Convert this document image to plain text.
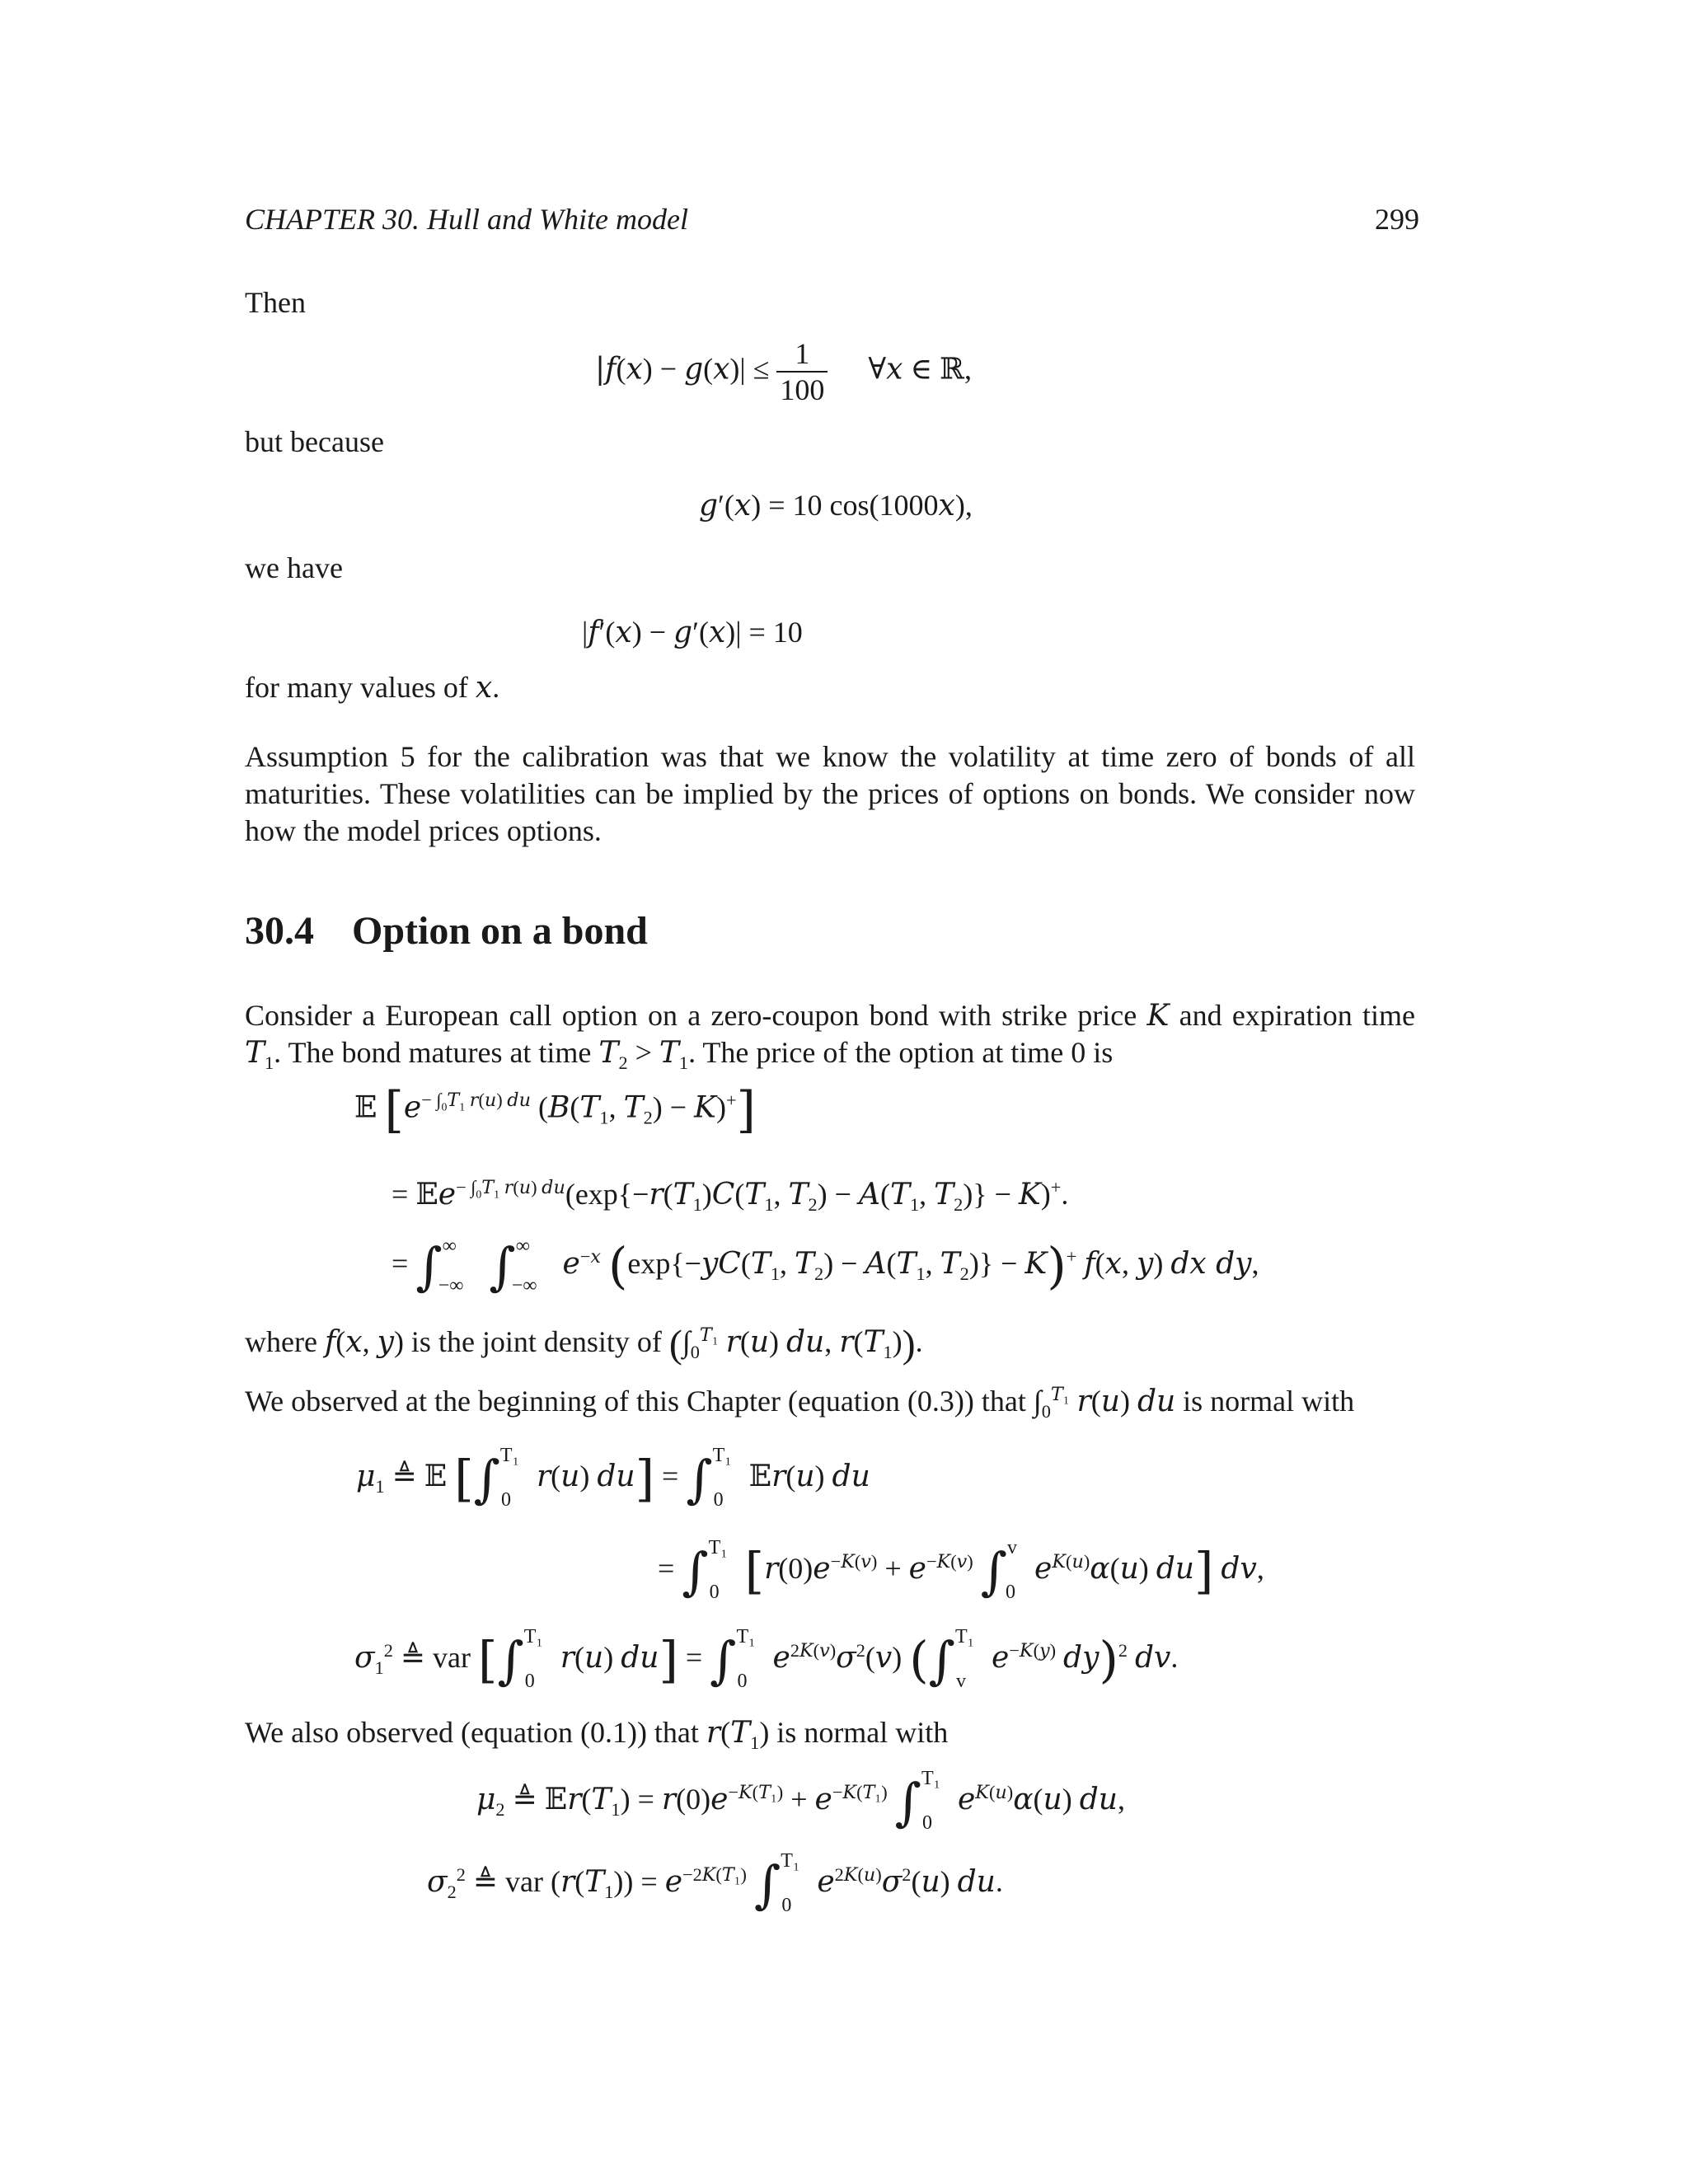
CHAPTER 30. Hull and White model	299
Then
$|f(x) - g(x)| \le \frac{1}{100}$ ∀x ∈ ℝ,
but because
g′(x) = 10 cos(1000x),
we have
|f′(x) − g′(x)| = 10
for many values of x.
Assumption 5 for the calibration was that we know the volatility at time zero of bonds of all maturities. These volatilities can be implied by the prices of options on bonds. We consider now how the model prices options.
30.4 Option on a bond
Consider a European call option on a zero-coupon bond with strike price K and expiration time $T_1$. The bond matures at time $T_2 > T_1$. The price of the option at time 0 is
𝔼 [$e^{- \int_0T_1 r(u) du}$ ($B(T_1$, $T_2) - K)^+$]
= $𝔼e^{- \int_0T_1 r(u) du}(\exp\{-r(T_1)C(T_1$, $T_2) - A(T_1$, $T_2)\} - K)^+$.
= $\int^\infty_{-\infty}$ $\int^\infty_{-\infty}$ $e^{-x}$ ($\exp\{-yC(T_1$, $T_2) - A(T_1$, $T_2)\} - K)^+$ f(x, y) dx dy,
where f(x, y) is the joint density of ($\int_0^{T_1}$ r(u) du, $r(T_1)$).
We observed at the beginning of this Chapter (equation (0.3)) that $\int_0^{T_1}$ r(u) du is normal with
$\mu_1$ ≜ 𝔼 [∫$^{T_1}_0$ r(u) du] = ∫$^{T_1}_0$ 𝔼r(u) du
= ∫$^{T_1}_0$ [$r(0)e^{-K(v)} + e^{-K(v)}$ ∫$^v_0$ $e^{K(u)}\alpha(u)$ du] dv,
$\sigma_1^2$ ≜ var [∫$^{T_1}_0$ r(u) du] = ∫$^{T_1}_0$ $e^{2K(v)}\sigma^2(v)$ (∫$^{T_1}_v$ $e^{-K(y)}$ dy)$^2$ dv.
We also observed (equation (0.1)) that $r(T_1)$ is normal with
$\mu_2$ ≜ $𝔼r(T_1) = r(0)e^{-K(T_1)} + e^{-K(T_1)}$ ∫$^{T_1}_0$ $e^{K(u)}\alpha(u)$ du,
$\sigma_2^2$ ≜ var $(r(T_1)) = e^{-2K(T_1)}$ ∫$^{T_1}_0$ $e^{2K(u)}\sigma^2(u)$ du.
